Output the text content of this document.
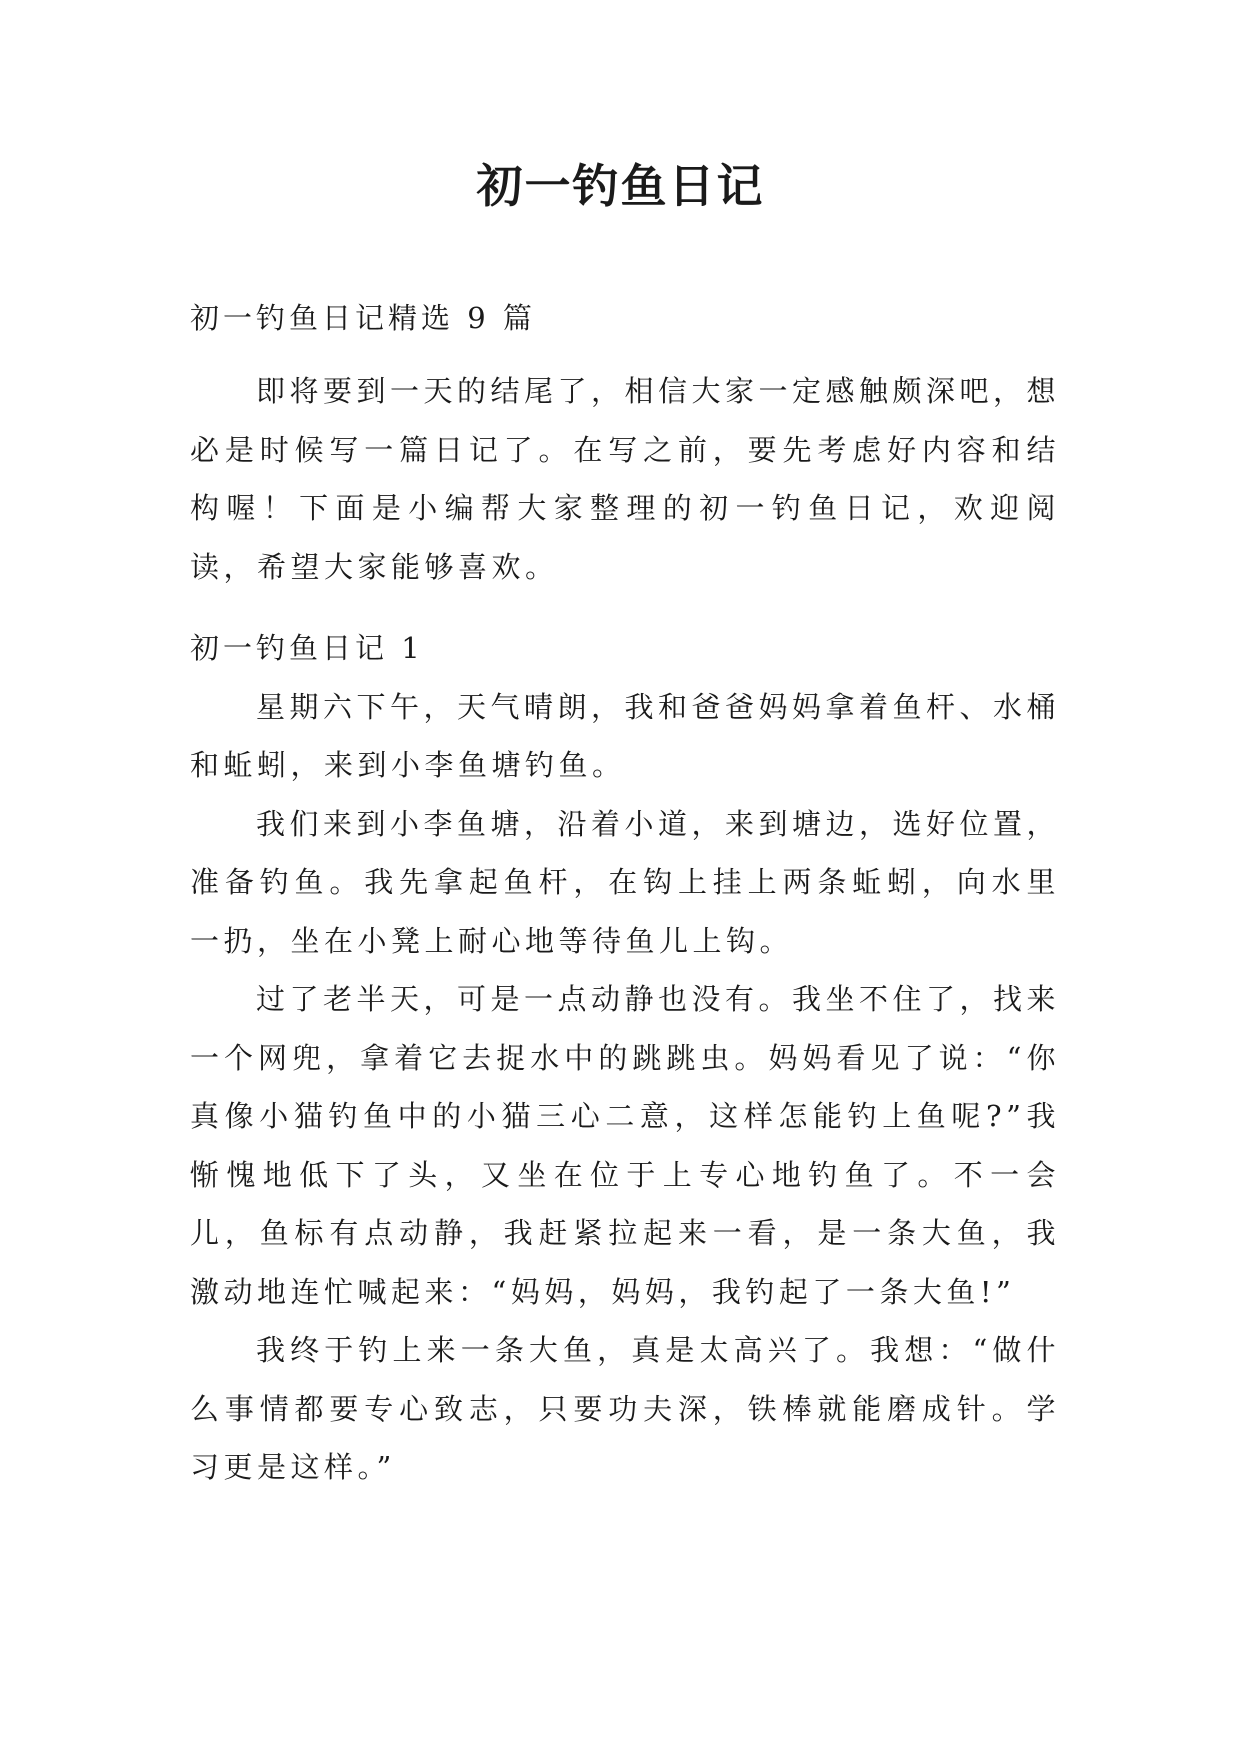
初一钓鱼日记

初一钓鱼日记精选 9 篇

即将要到一天的结尾了，相信大家一定感触颇深吧，想必是时候写一篇日记了。在写之前，要先考虑好内容和结构喔！下面是小编帮大家整理的初一钓鱼日记，欢迎阅读，希望大家能够喜欢。

初一钓鱼日记 1

星期六下午，天气晴朗，我和爸爸妈妈拿着鱼杆、水桶和蚯蚓，来到小李鱼塘钓鱼。

我们来到小李鱼塘，沿着小道，来到塘边，选好位置，准备钓鱼。我先拿起鱼杆，在钩上挂上两条蚯蚓，向水里一扔，坐在小凳上耐心地等待鱼儿上钩。

过了老半天，可是一点动静也没有。我坐不住了，找来一个网兜，拿着它去捉水中的跳跳虫。妈妈看见了说：“你真像小猫钓鱼中的小猫三心二意，这样怎能钓上鱼呢?”我惭愧地低下了头，又坐在位于上专心地钓鱼了。不一会儿，鱼标有点动静，我赶紧拉起来一看，是一条大鱼，我激动地连忙喊起来：“妈妈，妈妈，我钓起了一条大鱼!”

我终于钓上来一条大鱼，真是太高兴了。我想：“做什么事情都要专心致志，只要功夫深，铁棒就能磨成针。学习更是这样。”
